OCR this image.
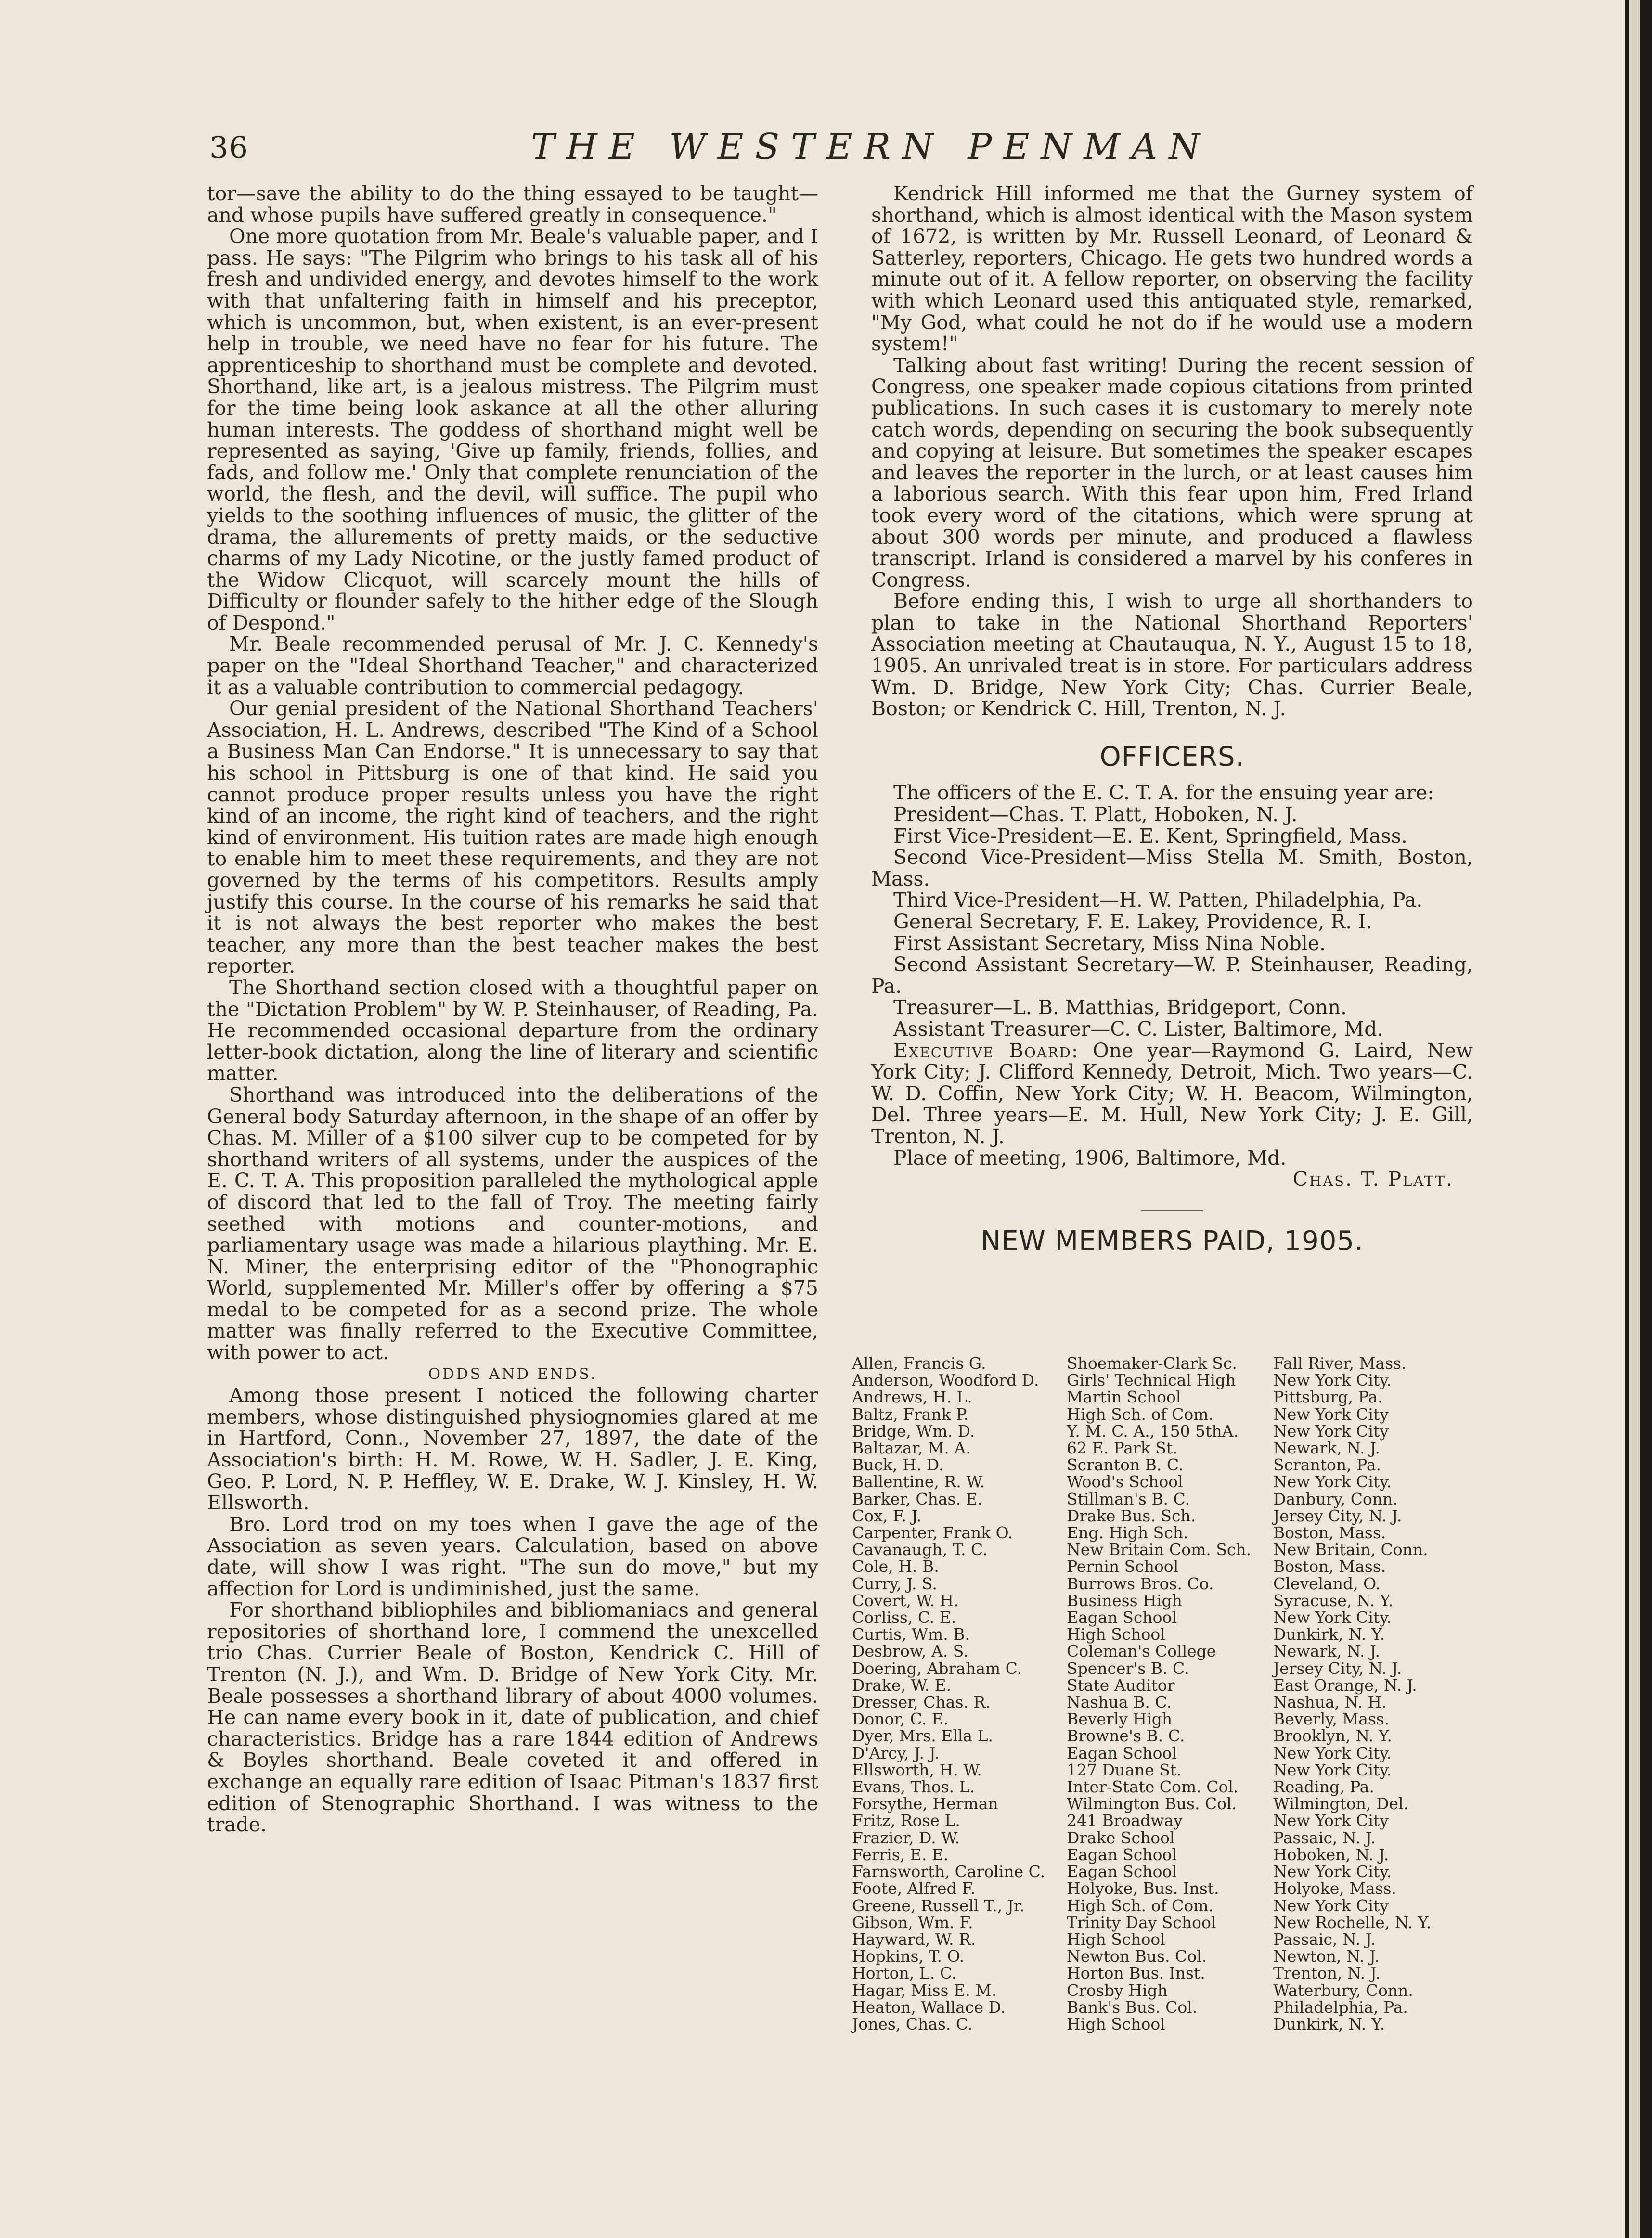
36	THE WESTERN PENMAN

tor—save the ability to do the thing essayed to be taught—and whose pupils have suffered greatly in consequence."

One more quotation from Mr. Beale's valuable paper, and I pass. He says: "The Pilgrim who brings to his task all of his fresh and undivided energy, and devotes himself to the work with that unfaltering faith in himself and his preceptor, which is uncommon, but, when existent, is an ever-present help in trouble, we need have no fear for his future. The apprenticeship to shorthand must be complete and devoted. Shorthand, like art, is a jealous mistress. The Pilgrim must for the time being look askance at all the other alluring human interests. The goddess of shorthand might well be represented as saying, 'Give up family, friends, follies, and fads, and follow me.' Only that complete renunciation of the world, the flesh, and the devil, will suffice. The pupil who yields to the soothing influences of music, the glitter of the drama, the allurements of pretty maids, or the seductive charms of my Lady Nicotine, or the justly famed product of the Widow Clicquot, will scarcely mount the hills of Difficulty or flounder safely to the hither edge of the Slough of Despond."

Mr. Beale recommended perusal of Mr. J. C. Kennedy's paper on the "Ideal Shorthand Teacher," and characterized it as a valuable contribution to commercial pedagogy.

Our genial president of the National Shorthand Teachers' Association, H. L. Andrews, described "The Kind of a School a Business Man Can Endorse." It is unnecessary to say that his school in Pittsburg is one of that kind. He said you cannot produce proper results unless you have the right kind of an income, the right kind of teachers, and the right kind of environment. His tuition rates are made high enough to enable him to meet these requirements, and they are not governed by the terms of his competitors. Results amply justify this course. In the course of his remarks he said that it is not always the best reporter who makes the best teacher, any more than the best teacher makes the best reporter.

The Shorthand section closed with a thoughtful paper on the "Dictation Problem" by W. P. Steinhauser, of Reading, Pa. He recommended occasional departure from the ordinary letter-book dictation, along the line of literary and scientific matter.

Shorthand was introduced into the deliberations of the General body Saturday afternoon, in the shape of an offer by Chas. M. Miller of a $100 silver cup to be competed for by shorthand writers of all systems, under the auspices of the E. C. T. A. This proposition paralleled the mythological apple of discord that led to the fall of Troy. The meeting fairly seethed with motions and counter-motions, and parliamentary usage was made a hilarious plaything. Mr. E. N. Miner, the enterprising editor of the "Phonographic World, supplemented Mr. Miller's offer by offering a $75 medal to be competed for as a second prize. The whole matter was finally referred to the Executive Committee, with power to act.

ODDS AND ENDS.

Among those present I noticed the following charter members, whose distinguished physiognomies glared at me in Hartford, Conn., November 27, 1897, the date of the Association's birth: H. M. Rowe, W. H. Sadler, J. E. King, Geo. P. Lord, N. P. Heffley, W. E. Drake, W. J. Kinsley, H. W. Ellsworth.

Bro. Lord trod on my toes when I gave the age of the Association as seven years. Calculation, based on above date, will show I was right. "The sun do move," but my affection for Lord is undiminished, just the same.

For shorthand bibliophiles and bibliomaniacs and general repositories of shorthand lore, I commend the unexcelled trio Chas. Currier Beale of Boston, Kendrick C. Hill of Trenton (N. J.), and Wm. D. Bridge of New York City. Mr. Beale possesses a shorthand library of about 4000 volumes. He can name every book in it, date of publication, and chief characteristics. Bridge has a rare 1844 edition of Andrews & Boyles shorthand. Beale coveted it and offered in exchange an equally rare edition of Isaac Pitman's 1837 first edition of Stenographic Shorthand. I was witness to the trade.

Kendrick Hill informed me that the Gurney system of shorthand, which is almost identical with the Mason system of 1672, is written by Mr. Russell Leonard, of Leonard & Satterley, reporters, Chicago. He gets two hundred words a minute out of it. A fellow reporter, on observing the facility with which Leonard used this antiquated style, remarked, "My God, what could he not do if he would use a modern system!"

Talking about fast writing! During the recent session of Congress, one speaker made copious citations from printed publications. In such cases it is customary to merely note catch words, depending on securing the book subsequently and copying at leisure. But sometimes the speaker escapes and leaves the reporter in the lurch, or at least causes him a laborious search. With this fear upon him, Fred Irland took every word of the citations, which were sprung at about 300 words per minute, and produced a flawless transcript. Irland is considered a marvel by his conferes in Congress.

Before ending this, I wish to urge all shorthanders to plan to take in the National Shorthand Reporters' Association meeting at Chautauqua, N. Y., August 15 to 18, 1905. An unrivaled treat is in store. For particulars address Wm. D. Bridge, New York City; Chas. Currier Beale, Boston; or Kendrick C. Hill, Trenton, N. J.

OFFICERS.

The officers of the E. C. T. A. for the ensuing year are:

President—Chas. T. Platt, Hoboken, N. J.

First Vice-President—E. E. Kent, Springfield, Mass.

Second Vice-President—Miss Stella M. Smith, Boston, Mass.

Third Vice-President—H. W. Patten, Philadelphia, Pa.

General Secretary, F. E. Lakey, Providence, R. I.

First Assistant Secretary, Miss Nina Noble.

Second Assistant Secretary—W. P. Steinhauser, Reading, Pa.

Treasurer—L. B. Matthias, Bridgeport, Conn.

Assistant Treasurer—C. C. Lister, Baltimore, Md.

Executive Board: One year—Raymond G. Laird, New York City; J. Clifford Kennedy, Detroit, Mich. Two years—C. W. D. Coffin, New York City; W. H. Beacom, Wilmington, Del. Three years—E. M. Hull, New York City; J. E. Gill, Trenton, N. J.

Place of meeting, 1906, Baltimore, Md.

Chas. T. Platt.

NEW MEMBERS PAID, 1905.
Allen, Francis G.
Anderson, Woodford D.
Andrews, H. L.
Baltz, Frank P.
Bridge, Wm. D.
Baltazar, M. A.
Buck, H. D.
Ballentine, R. W.
Barker, Chas. E.
Cox, F. J.
Carpenter, Frank O.
Cavanaugh, T. C.
Cole, H. B.
Curry, J. S.
Covert, W. H.
Corliss, C. E.
Curtis, Wm. B.
Desbrow, A. S.
Doering, Abraham C.
Drake, W. E.
Dresser, Chas. R.
Donor, C. E.
Dyer, Mrs. Ella L.
D'Arcy, J. J.
Ellsworth, H. W.
Evans, Thos. L.
Forsythe, Herman
Fritz, Rose L.
Frazier, D. W.
Ferris, E. E.
Farnsworth, Caroline C.
Foote, Alfred F.
Greene, Russell T., Jr.
Gibson, Wm. F.
Hayward, W. R.
Hopkins, T. O.
Horton, L. C.
Hagar, Miss E. M.
Heaton, Wallace D.
Jones, Chas. C.
Shoemaker-Clark Sc.
Girls' Technical High
Martin School
High Sch. of Com.
Y. M. C. A., 150 5thA.
62 E. Park St.
Scranton B. C.
Wood's School
Stillman's B. C.
Drake Bus. Sch.
Eng. High Sch.
New Britain Com. Sch.
Pernin School
Burrows Bros. Co.
Business High
Eagan School
High School
Coleman's College
Spencer's B. C.
State Auditor
Nashua B. C.
Beverly High
Browne's B. C.
Eagan School
127 Duane St.
Inter-State Com. Col.
Wilmington Bus. Col.
241 Broadway
Drake School
Eagan School
Eagan School
Holyoke, Bus. Inst.
High Sch. of Com.
Trinity Day School
High School
Newton Bus. Col.
Horton Bus. Inst.
Crosby High
Bank's Bus. Col.
High School
Fall River, Mass.
New York City.
Pittsburg, Pa.
New York City
New York City
Newark, N. J.
Scranton, Pa.
New York City.
Danbury, Conn.
Jersey City, N. J.
Boston, Mass.
New Britain, Conn.
Boston, Mass.
Cleveland, O.
Syracuse, N. Y.
New York City.
Dunkirk, N. Y.
Newark, N. J.
Jersey City, N. J.
East Orange, N. J.
Nashua, N. H.
Beverly, Mass.
Brooklyn, N. Y.
New York City.
New York City.
Reading, Pa.
Wilmington, Del.
New York City
Passaic, N. J.
Hoboken, N. J.
New York City.
Holyoke, Mass.
New York City
New Rochelle, N. Y.
Passaic, N. J.
Newton, N. J.
Trenton, N. J.
Waterbury, Conn.
Philadelphia, Pa.
Dunkirk, N. Y.
